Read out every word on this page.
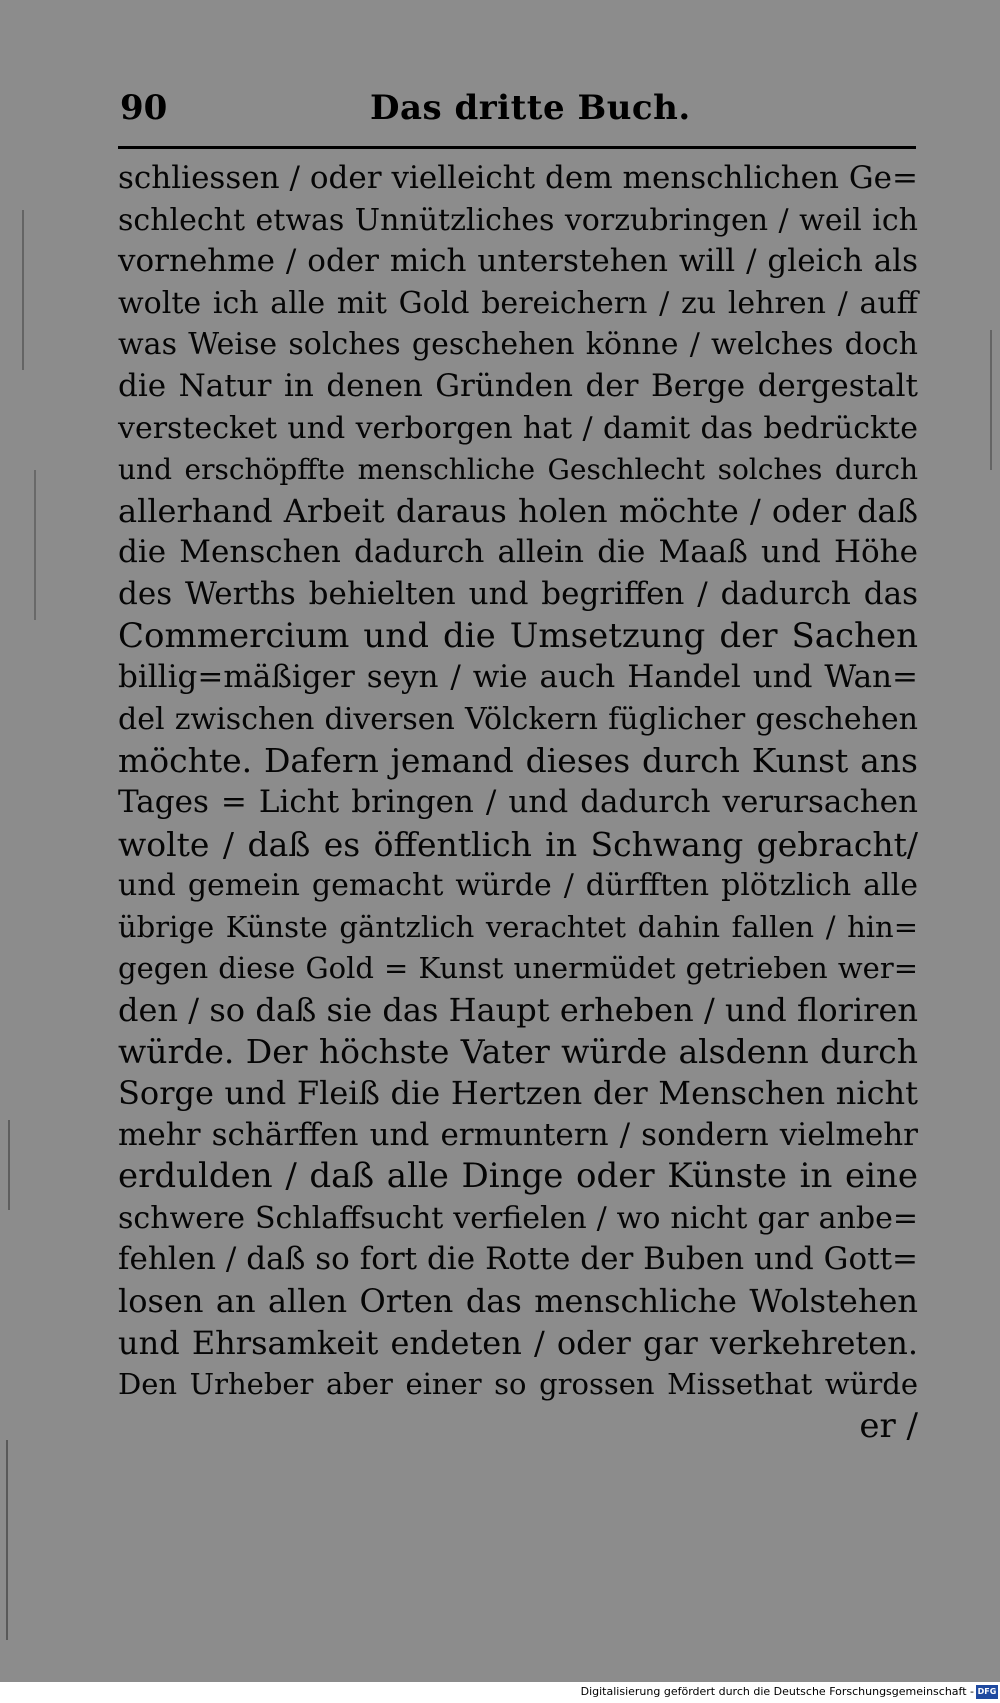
90	Das dritte Buch.
schliessen / oder vielleicht dem menschlichen Ge=
schlecht etwas Unnützliches vorzubringen / weil ich
vornehme / oder mich unterstehen will / gleich als
wolte ich alle mit Gold bereichern / zu lehren / auff
was Weise solches geschehen könne / welches doch
die Natur in denen Gründen der Berge dergestalt
verstecket und verborgen hat / damit das bedrückte
und erschöpffte menschliche Geschlecht solches durch
allerhand Arbeit daraus holen möchte / oder daß
die Menschen dadurch allein die Maaß und Höhe
des Werths behielten und begriffen / dadurch das
Commercium und die Umsetzung der Sachen
billig=mäßiger seyn / wie auch Handel und Wan=
del zwischen diversen Völckern füglicher geschehen
möchte. Dafern jemand dieses durch Kunst ans
Tages = Licht bringen / und dadurch verursachen
wolte / daß es öffentlich in Schwang gebracht/
und gemein gemacht würde / dürfften plötzlich alle
übrige Künste gäntzlich verachtet dahin fallen / hin=
gegen diese Gold = Kunst unermüdet getrieben wer=
den / so daß sie das Haupt erheben / und floriren
würde. Der höchste Vater würde alsdenn durch
Sorge und Fleiß die Hertzen der Menschen nicht
mehr schärffen und ermuntern / sondern vielmehr
erdulden / daß alle Dinge oder Künste in eine
schwere Schlaffsucht verfielen / wo nicht gar anbe=
fehlen / daß so fort die Rotte der Buben und Gott=
losen an allen Orten das menschliche Wolstehen
und Ehrsamkeit endeten / oder gar verkehreten.
Den Urheber aber einer so grossen Missethat würde
er /
Digitalisierung gefördert durch die Deutsche Forschungsgemeinschaft - DFG
